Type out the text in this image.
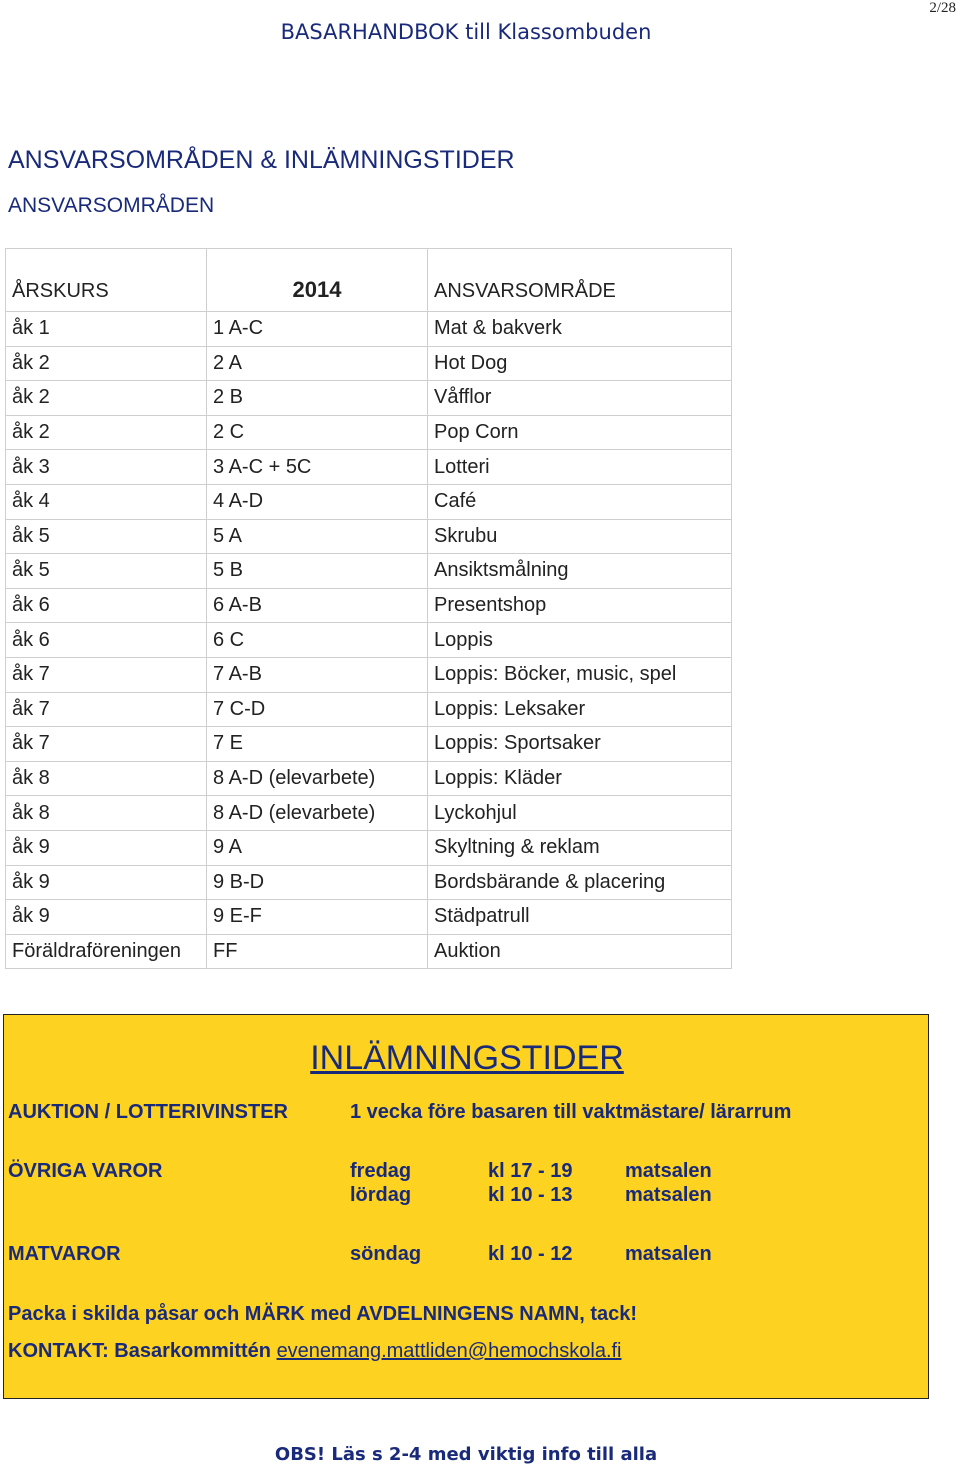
2/28
BASARHANDBOK till Klassombuden
ANSVARSOMRÅDEN & INLÄMNINGSTIDER
ANSVARSOMRÅDEN
ÅRSKURS	2014	ANSVARSOMRÅDE
åk 1	1 A-C	Mat & bakverk
åk 2	2 A	Hot Dog
åk 2	2 B	Våfflor
åk 2	2 C	Pop Corn
åk 3	3 A-C + 5C	Lotteri
åk 4	4 A-D	Café
åk 5	5 A	Skrubu
åk 5	5 B	Ansiktsmålning
åk 6	6 A-B	Presentshop
åk 6	6 C	Loppis
åk 7	7 A-B	Loppis: Böcker, music, spel
åk 7	7 C-D	Loppis: Leksaker
åk 7	7 E	Loppis: Sportsaker
åk 8	8 A-D (elevarbete)	Loppis: Kläder
åk 8	8 A-D (elevarbete)	Lyckohjul
åk 9	9 A	Skyltning & reklam
åk 9	9 B-D	Bordsbärande & placering
åk 9	9 E-F	Städpatrull
Föräldraföreningen	FF	Auktion
INLÄMNINGSTIDER
AUKTION / LOTTERIVINSTER	1 vecka före basaren till vaktmästare/ lärarrum
ÖVRIGA VAROR	fredag	kl 17 - 19	matsalen
lördag	kl 10 - 13	matsalen
MATVAROR	söndag	kl 10 - 12	matsalen
Packa i skilda påsar och MÄRK med AVDELNINGENS NAMN, tack!
KONTAKT: Basarkommittén evenemang.mattliden@hemochskola.fi
OBS! Läs s 2-4 med viktig info till alla
